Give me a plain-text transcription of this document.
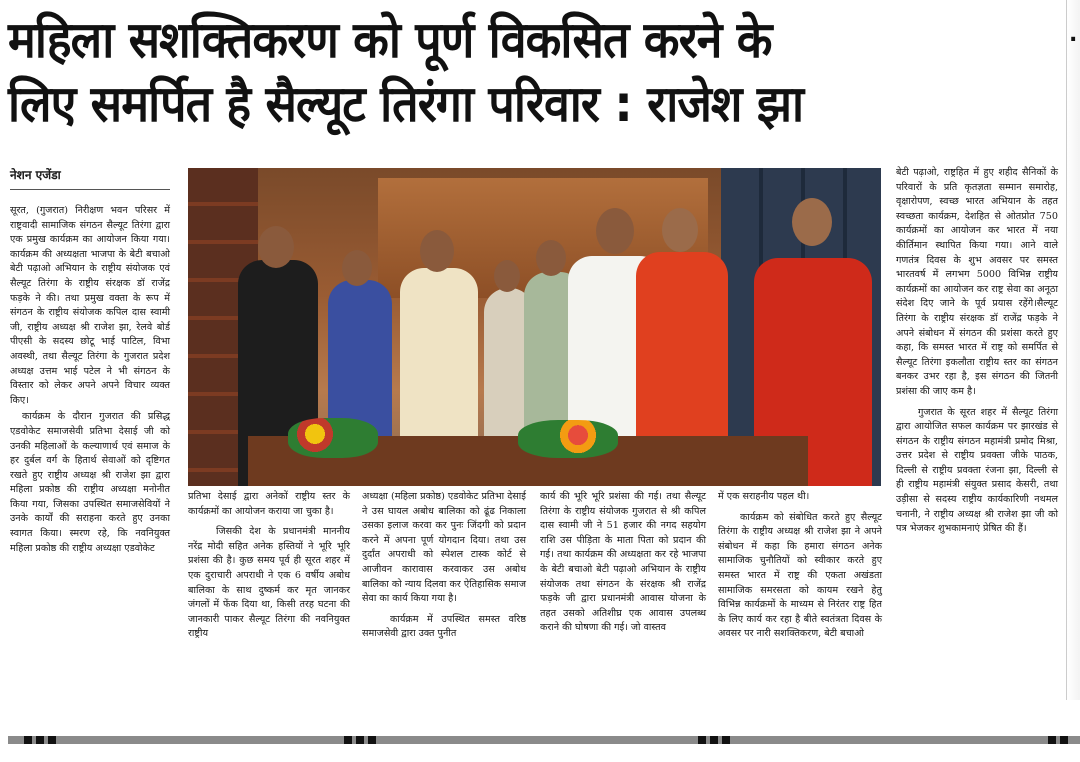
महिला सशक्तिकरण को पूर्ण विकसित करने के
लिए समर्पित है सैल्यूट तिरंगा परिवार : राजेश झा
.
नेशन एजेंडा

सूरत, (गुजरात) निरीक्षण भवन परिसर में राष्ट्रवादी सामाजिक संगठन सैल्यूट तिरंगा द्वारा एक प्रमुख कार्यक्रम का आयोजन किया गया। कार्यक्रम की अध्यक्षता भाजपा के बेटी बचाओ बेटी पढ़ाओ अभियान के राष्ट्रीय संयोजक एवं सैल्यूट तिरंगा के राष्ट्रीय संरक्षक डॉ राजेंद्र फड़के ने की। तथा प्रमुख वक्ता के रूप में संगठन के राष्ट्रीय संयोजक कपिल दास स्वामी जी, राष्ट्रीय अध्यक्ष श्री राजेश झा, रेलवे बोर्ड पीएसी के सदस्य छोटू भाई पाटिल, विभा अवस्थी, तथा सैल्यूट तिरंगा के गुजरात प्रदेश अध्यक्ष उत्तम भाई पटेल ने भी संगठन के विस्तार को लेकर अपने अपने विचार व्यक्त किए।

कार्यक्रम के दौरान गुजरात की प्रसिद्ध एडवोकेट समाजसेवी प्रतिभा देसाई जी को उनकी महिलाओं के कल्याणार्थ एवं समाज के हर दुर्बल वर्ग के हितार्थ सेवाओं को दृष्टिगत रखते हुए राष्ट्रीय अध्यक्ष श्री राजेश झा द्वारा महिला प्रकोष्ठ की राष्ट्रीय अध्यक्षा मनोनीत किया गया, जिसका उपस्थित समाजसेवियों ने उनके कार्यों की सराहना करते हुए उनका स्वागत किया। स्मरण रहे, कि नवनियुक्त महिला प्रकोष्ठ की राष्ट्रीय अध्यक्षा एडवोकेट

प्रतिभा देसाई द्वारा अनेकों राष्ट्रीय स्तर के कार्यक्रमों का आयोजन कराया जा चुका है।

जिसकी देश के प्रधानमंत्री माननीय नरेंद्र मोदी सहित अनेक हस्तियों ने भूरि भूरि प्रशंसा की है। कुछ समय पूर्व ही सूरत शहर में एक दुराचारी अपराधी ने एक 6 वर्षीय अबोध बालिका के साथ दुष्कर्म कर मृत जानकर जंगलों में फेंक दिया था, किसी तरह घटना की जानकारी पाकर सैल्यूट तिरंगा की नवनियुक्त राष्ट्रीय

अध्यक्षा (महिला प्रकोष्ठ) एडवोकेट प्रतिभा देसाई ने उस घायल अबोध बालिका को ढूंढ निकाला उसका इलाज करवा कर पुनः जिंदगी को प्रदान करने में अपना पूर्ण योगदान दिया। तथा उस दुर्दांत अपराधी को स्पेशल टास्क कोर्ट से आजीवन कारावास करवाकर उस अबोध बालिका को न्याय दिलवा कर ऐतिहासिक समाज सेवा का कार्य किया गया है।

कार्यक्रम में उपस्थित समस्त वरिष्ठ समाजसेवी द्वारा उक्त पुनीत

कार्य की भूरि भूरि प्रशंसा की गई। तथा सैल्यूट तिरंगा के राष्ट्रीय संयोजक गुजरात से श्री कपिल दास स्वामी जी ने 51 हजार की नगद सहयोग राशि उस पीड़िता के माता पिता को प्रदान की गई। तथा कार्यक्रम की अध्यक्षता कर रहे भाजपा के बेटी बचाओ बेटी पढ़ाओ अभियान के राष्ट्रीय संयोजक तथा संगठन के संरक्षक श्री राजेंद्र फड़के जी द्वारा प्रधानमंत्री आवास योजना के तहत उसको अतिशीघ्र एक आवास उपलब्ध कराने की घोषणा की गई। जो वास्तव

में एक सराहनीय पहल थी।

कार्यक्रम को संबोधित करते हुए सैल्यूट तिरंगा के राष्ट्रीय अध्यक्ष श्री राजेश झा ने अपने संबोधन में कहा कि हमारा संगठन अनेक सामाजिक चुनौतियों को स्वीकार करते हुए समस्त भारत में राष्ट्र की एकता अखंडता सामाजिक समरसता को कायम रखने हेतु विभिन्न कार्यक्रमों के माध्यम से निरंतर राष्ट्र हित के लिए कार्य कर रहा है बीते स्वतंत्रता दिवस के अवसर पर नारी सशक्तिकरण, बेटी बचाओ

बेटी पढ़ाओ, राष्ट्रहित में हुए शहीद सैनिकों के परिवारों के प्रति कृतज्ञता सम्मान समारोह, वृक्षारोपण, स्वच्छ भारत अभियान के तहत स्वच्छता कार्यक्रम, देशहित से ओतप्रोत 750 कार्यक्रमों का आयोजन कर भारत में नया कीर्तिमान स्थापित किया गया। आने वाले गणतंत्र दिवस के शुभ अवसर पर समस्त भारतवर्ष में लगभग 5000 विभिन्न राष्ट्रीय कार्यक्रमों का आयोजन कर राष्ट्र सेवा का अनूठा संदेश दिए जाने के पूर्व प्रयास रहेंगे।सैल्यूट तिरंगा के राष्ट्रीय संरक्षक डॉ राजेंद्र फड़के ने अपने संबोधन में संगठन की प्रशंसा करते हुए कहा, कि समस्त भारत में राष्ट्र को समर्पित से सैल्यूट तिरंगा इकलौता राष्ट्रीय स्तर का संगठन बनकर उभर रहा है, इस संगठन की जितनी प्रशंसा की जाए कम है।

गुजरात के सूरत शहर में सैल्यूट तिरंगा द्वारा आयोजित सफल कार्यक्रम पर झारखंड से संगठन के राष्ट्रीय संगठन महामंत्री प्रमोद मिश्रा, उत्तर प्रदेश से राष्ट्रीय प्रवक्ता जीके पाठक, दिल्ली से राष्ट्रीय प्रवक्ता रंजना झा, दिल्ली से ही राष्ट्रीय महामंत्री संयुक्त प्रसाद केसरी, तथा उड़ीसा से सदस्य राष्ट्रीय कार्यकारिणी नथमल चनानी, ने राष्ट्रीय अध्यक्ष श्री राजेश झा जी को पत्र भेजकर शुभकामनाएं प्रेषित की हैं।
